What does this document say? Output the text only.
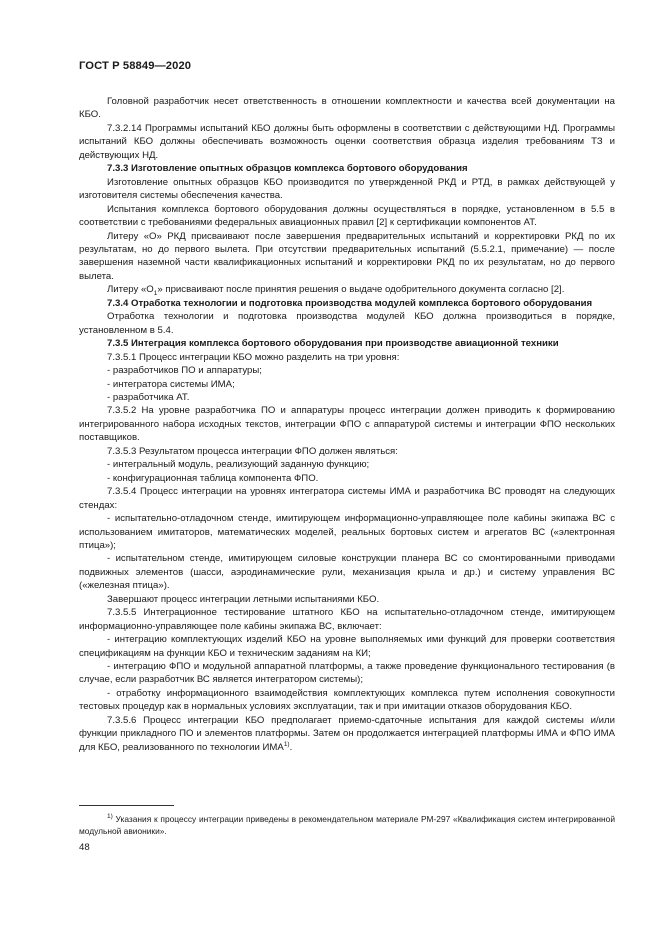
ГОСТ Р 58849—2020

Головной разработчик несет ответственность в отношении комплектности и качества всей документации на КБО.

7.3.2.14 Программы испытаний КБО должны быть оформлены в соответствии с действующими НД. Программы испытаний КБО должны обеспечивать возможность оценки соответствия образца изделия требованиям ТЗ и действующих НД.

7.3.3 Изготовление опытных образцов комплекса бортового оборудования

Изготовление опытных образцов КБО производится по утвержденной РКД и РТД, в рамках действующей у изготовителя системы обеспечения качества.

Испытания комплекса бортового оборудования должны осуществляться в порядке, установленном в 5.5 в соответствии с требованиями федеральных авиационных правил [2] к сертификации компонентов АТ.

Литеру «О» РКД присваивают после завершения предварительных испытаний и корректировки РКД по их результатам, но до первого вылета. При отсутствии предварительных испытаний (5.5.2.1, примечание) — после завершения наземной части квалификационных испытаний и корректировки РКД по их результатам, но до первого вылета.

Литеру «$О_1$» присваивают после принятия решения о выдаче одобрительного документа согласно [2].

7.3.4 Отработка технологии и подготовка производства модулей комплекса бортового оборудования

Отработка технологии и подготовка производства модулей КБО должна производиться в порядке, установленном в 5.4.

7.3.5 Интеграция комплекса бортового оборудования при производстве авиационной техники

7.3.5.1 Процесс интеграции КБО можно разделить на три уровня:

- разработчиков ПО и аппаратуры;

- интегратора системы ИМА;

- разработчика АТ.

7.3.5.2 На уровне разработчика ПО и аппаратуры процесс интеграции должен приводить к формированию интегрированного набора исходных текстов, интеграции ФПО с аппаратурой системы и интеграции ФПО нескольких поставщиков.

7.3.5.3 Результатом процесса интеграции ФПО должен являться:

- интегральный модуль, реализующий заданную функцию;

- конфигурационная таблица компонента ФПО.

7.3.5.4 Процесс интеграции на уровнях интегратора системы ИМА и разработчика ВС проводят на следующих стендах:

- испытательно-отладочном стенде, имитирующем информационно-управляющее поле кабины экипажа ВС с использованием имитаторов, математических моделей, реальных бортовых систем и агрегатов ВС («электронная птица»);

- испытательном стенде, имитирующем силовые конструкции планера ВС со смонтированными приводами подвижных элементов (шасси, аэродинамические рули, механизация крыла и др.) и систему управления ВС («железная птица»).

Завершают процесс интеграции летными испытаниями КБО.

7.3.5.5 Интеграционное тестирование штатного КБО на испытательно-отладочном стенде, имитирующем информационно-управляющее поле кабины экипажа ВС, включает:

- интеграцию комплектующих изделий КБО на уровне выполняемых ими функций для проверки соответствия спецификациям на функции КБО и техническим заданиям на КИ;

- интеграцию ФПО и модульной аппаратной платформы, а также проведение функционального тестирования (в случае, если разработчик ВС является интегратором системы);

- отработку информационного взаимодействия комплектующих комплекса путем исполнения совокупности тестовых процедур как в нормальных условиях эксплуатации, так и при имитации отказов оборудования КБО.

7.3.5.6 Процесс интеграции КБО предполагает приемо-сдаточные испытания для каждой системы и/или функции прикладного ПО и элементов платформы. Затем он продолжается интеграцией платформы ИМА и ФПО ИМА для КБО, реализованного по технологии ИМА$^{1)}$.

$^{1)}$ Указания к процессу интеграции приведены в рекомендательном материале РМ-297 «Квалификация систем интегрированной модульной авионики».

48
